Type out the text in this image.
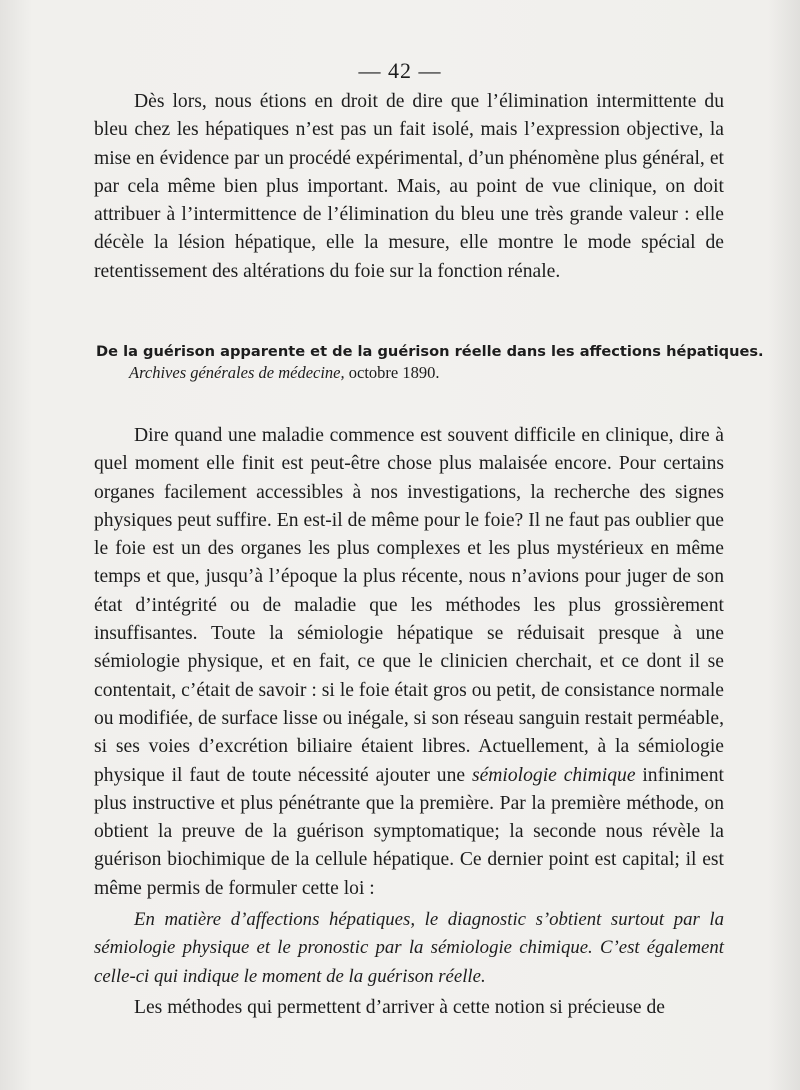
— 42 —

Dès lors, nous étions en droit de dire que l’élimination intermittente du bleu chez les hépatiques n’est pas un fait isolé, mais l’expression objective, la mise en évidence par un procédé expérimental, d’un phénomène plus général, et par cela même bien plus important. Mais, au point de vue clinique, on doit attribuer à l’intermittence de l’élimination du bleu une très grande valeur : elle décèle la lésion hépatique, elle la mesure, elle montre le mode spécial de retentissement des altérations du foie sur la fonction rénale.

De la guérison apparente et de la guérison réelle dans les affections hépatiques.
Archives générales de médecine, octobre 1890.

Dire quand une maladie commence est souvent difficile en clinique, dire à quel moment elle finit est peut-être chose plus malaisée encore. Pour certains organes facilement accessibles à nos investigations, la recherche des signes physiques peut suffire. En est-il de même pour le foie? Il ne faut pas oublier que le foie est un des organes les plus complexes et les plus mystérieux en même temps et que, jusqu’à l’époque la plus récente, nous n’avions pour juger de son état d’intégrité ou de maladie que les méthodes les plus grossièrement insuffisantes. Toute la sémiologie hépatique se réduisait presque à une sémiologie physique, et en fait, ce que le clinicien cherchait, et ce dont il se contentait, c’était de savoir : si le foie était gros ou petit, de consistance normale ou modifiée, de surface lisse ou inégale, si son réseau sanguin restait perméable, si ses voies d’excrétion biliaire étaient libres. Actuellement, à la sémiologie physique il faut de toute nécessité ajouter une sémiologie chimique infiniment plus instructive et plus pénétrante que la première. Par la première méthode, on obtient la preuve de la guérison symptomatique; la seconde nous révèle la guérison biochimique de la cellule hépatique. Ce dernier point est capital; il est même permis de formuler cette loi :

En matière d’affections hépatiques, le diagnostic s’obtient surtout par la sémiologie physique et le pronostic par la sémiologie chimique. C’est également celle-ci qui indique le moment de la guérison réelle.

Les méthodes qui permettent d’arriver à cette notion si précieuse de
